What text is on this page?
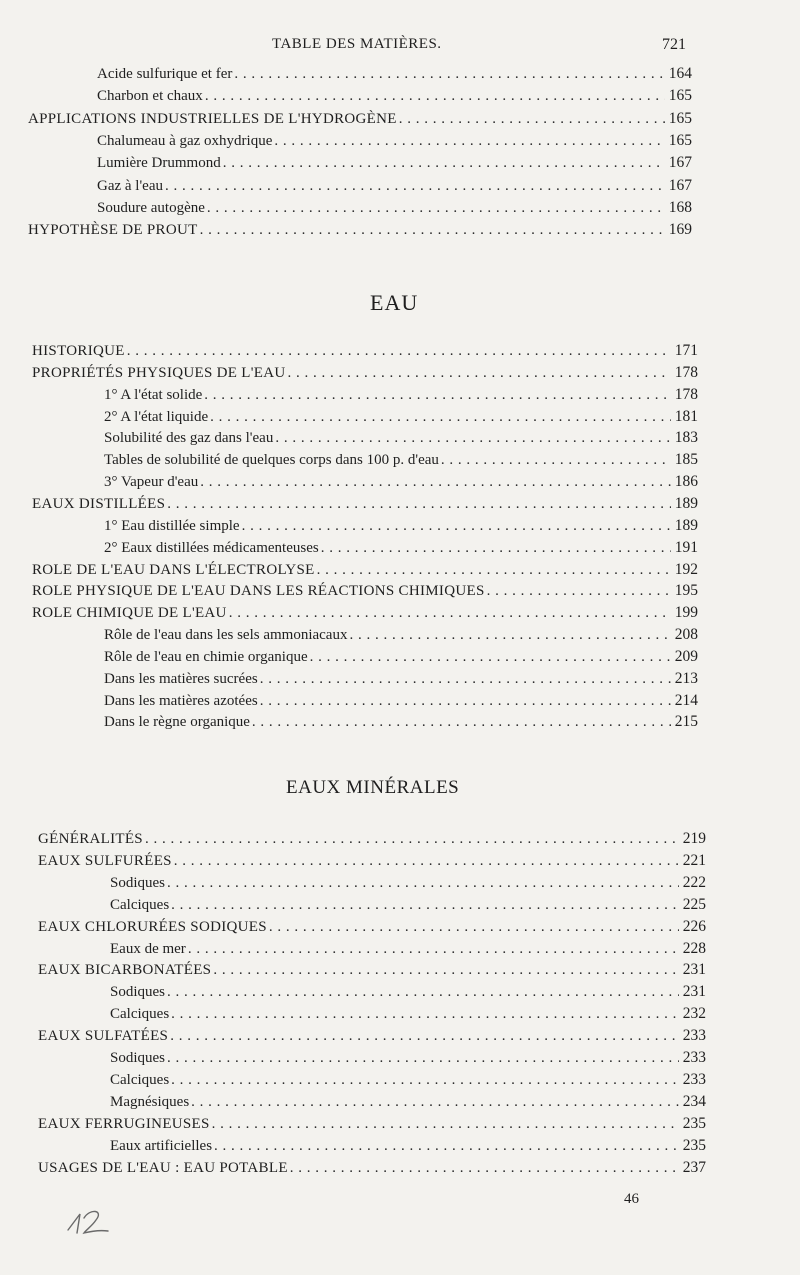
TABLE DES MATIÈRES.	721
Acide sulfurique et fer . . .	164
Charbon et chaux . . .	165
APPLICATIONS INDUSTRIELLES DE L'HYDROGÈNE . . .	165
Chalumeau à gaz oxhydrique . . .	165
Lumière Drummond . . .	167
Gaz à l'eau . . .	167
Soudure autogène . . .	168
HYPOTHÈSE DE PROUT . . .	169
EAU
HISTORIQUE . . .	171
PROPRIÉTÉS PHYSIQUES DE L'EAU . . .	178
1° A l'état solide . . .	178
2° A l'état liquide . . .	181
Solubilité des gaz dans l'eau . . .	183
Tables de solubilité de quelques corps dans 100 p. d'eau . . .	185
3° Vapeur d'eau . . .	186
EAUX DISTILLÉES . . .	189
1° Eau distillée simple . . .	189
2° Eaux distillées médicamenteuses . . .	191
ROLE DE L'EAU DANS L'ÉLECTROLYSE . . .	192
ROLE PHYSIQUE DE L'EAU DANS LES RÉACTIONS CHIMIQUES . . .	195
ROLE CHIMIQUE DE L'EAU . . .	199
Rôle de l'eau dans les sels ammoniacaux . . .	208
Rôle de l'eau en chimie organique . . .	209
Dans les matières sucrées . . .	213
Dans les matières azotées . . .	214
Dans le règne organique . . .	215
EAUX MINÉRALES
GÉNÉRALITÉS . . .	219
EAUX SULFURÉES . . .	221
Sodiques . . .	222
Calciques . . .	225
EAUX CHLORURÉES SODIQUES . . .	226
Eaux de mer . . .	228
EAUX BICARBONATÉES . . .	231
Sodiques . . .	231
Calciques . . .	232
EAUX SULFATÉES . . .	233
Sodiques . . .	233
Calciques . . .	233
Magnésiques . . .	234
EAUX FERRUGINEUSES . . .	235
Eaux artificielles . . .	235
USAGES DE L'EAU : EAU POTABLE . . .	237
46
